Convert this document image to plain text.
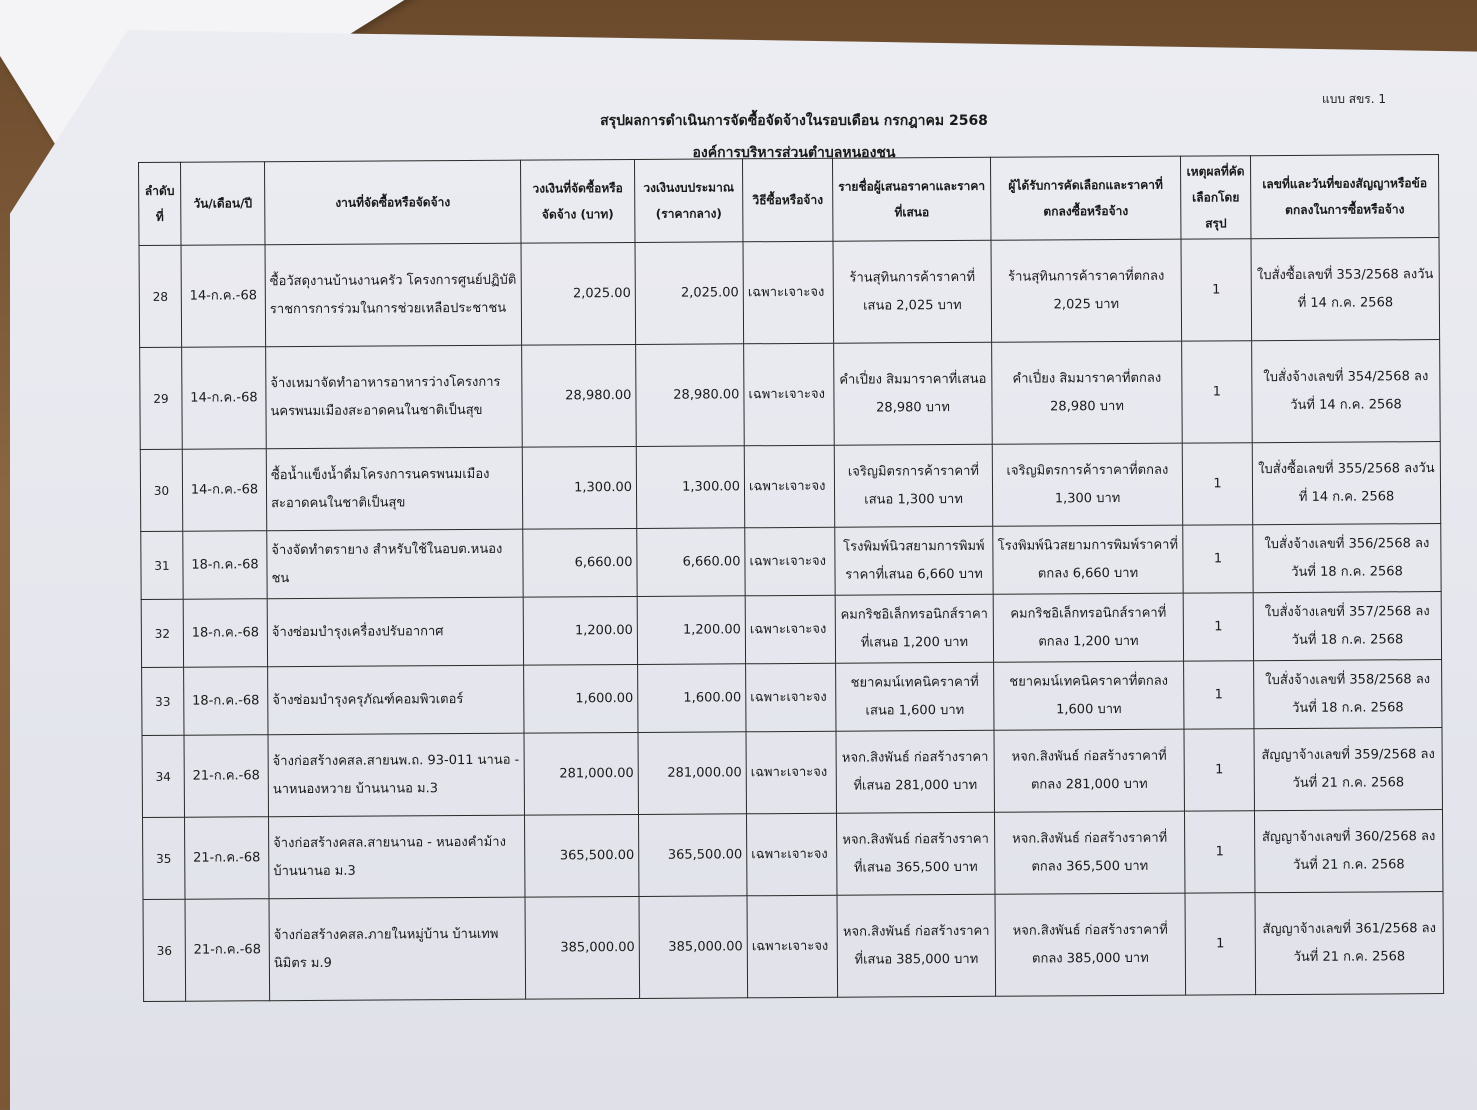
แบบ สขร. 1
สรุปผลการดำเนินการจัดซื้อจัดจ้างในรอบเดือน กรกฎาคม 2568
องค์การบริหารส่วนตำบลหนองชน
ลำดับที่	วัน/เดือน/ปี	งานที่จัดซื้อหรือจัดจ้าง	วงเงินที่จัดซื้อหรือจัดจ้าง (บาท)	วงเงินงบประมาณ (ราคากลาง)	วิธีซื้อหรือจ้าง	รายชื่อผู้เสนอราคาและราคาที่เสนอ	ผู้ได้รับการคัดเลือกและราคาที่ตกลงซื้อหรือจ้าง	เหตุผลที่คัดเลือกโดยสรุป	เลขที่และวันที่ของสัญญาหรือข้อตกลงในการซื้อหรือจ้าง
28	14-ก.ค.-68	ซื้อวัสดุงานบ้านงานครัว โครงการศูนย์ปฏิบัติราชการการร่วมในการช่วยเหลือประชาชน	2,025.00	2,025.00	เฉพาะเจาะจง	ร้านสุทินการค้าราคาที่เสนอ 2,025 บาท	ร้านสุทินการค้าราคาที่ตกลง 2,025 บาท	1	ใบสั่งซื้อเลขที่ 353/2568 ลงวันที่ 14 ก.ค. 2568
29	14-ก.ค.-68	จ้างเหมาจัดทำอาหารอาหารว่างโครงการนครพนมเมืองสะอาดคนในชาติเป็นสุข	28,980.00	28,980.00	เฉพาะเจาะจง	คำเปี่ยง สิมมาราคาที่เสนอ 28,980 บาท	คำเปี่ยง สิมมาราคาที่ตกลง 28,980 บาท	1	ใบสั่งจ้างเลขที่ 354/2568 ลงวันที่ 14 ก.ค. 2568
30	14-ก.ค.-68	ซื้อน้ำแข็งน้ำดื่มโครงการนครพนมเมืองสะอาดคนในชาติเป็นสุข	1,300.00	1,300.00	เฉพาะเจาะจง	เจริญมิตรการค้าราคาที่เสนอ 1,300 บาท	เจริญมิตรการค้าราคาที่ตกลง 1,300 บาท	1	ใบสั่งซื้อเลขที่ 355/2568 ลงวันที่ 14 ก.ค. 2568
31	18-ก.ค.-68	จ้างจัดทำตรายาง สำหรับใช้ในอบต.หนองชน	6,660.00	6,660.00	เฉพาะเจาะจง	โรงพิมพ์นิวสยามการพิมพ์ราคาที่เสนอ 6,660 บาท	โรงพิมพ์นิวสยามการพิมพ์ราคาที่ตกลง 6,660 บาท	1	ใบสั่งจ้างเลขที่ 356/2568 ลงวันที่ 18 ก.ค. 2568
32	18-ก.ค.-68	จ้างซ่อมบำรุงเครื่องปรับอากาศ	1,200.00	1,200.00	เฉพาะเจาะจง	คมกริชอิเล็กทรอนิกส์ราคาที่เสนอ 1,200 บาท	คมกริชอิเล็กทรอนิกส์ราคาที่ตกลง 1,200 บาท	1	ใบสั่งจ้างเลขที่ 357/2568 ลงวันที่ 18 ก.ค. 2568
33	18-ก.ค.-68	จ้างซ่อมบำรุงครุภัณฑ์คอมพิวเตอร์	1,600.00	1,600.00	เฉพาะเจาะจง	ชยาคมน์เทคนิคราคาที่เสนอ 1,600 บาท	ชยาคมน์เทคนิคราคาที่ตกลง 1,600 บาท	1	ใบสั่งจ้างเลขที่ 358/2568 ลงวันที่ 18 ก.ค. 2568
34	21-ก.ค.-68	จ้างก่อสร้างคสล.สายนพ.ถ. 93-011 นานอ - นาหนองหวาย บ้านนานอ ม.3	281,000.00	281,000.00	เฉพาะเจาะจง	หจก.สิงพันธ์ ก่อสร้างราคาที่เสนอ 281,000 บาท	หจก.สิงพันธ์ ก่อสร้างราคาที่ตกลง 281,000 บาท	1	สัญญาจ้างเลขที่ 359/2568 ลงวันที่ 21 ก.ค. 2568
35	21-ก.ค.-68	จ้างก่อสร้างคสล.สายนานอ - หนองคำม้าง บ้านนานอ ม.3	365,500.00	365,500.00	เฉพาะเจาะจง	หจก.สิงพันธ์ ก่อสร้างราคาที่เสนอ 365,500 บาท	หจก.สิงพันธ์ ก่อสร้างราคาที่ตกลง 365,500 บาท	1	สัญญาจ้างเลขที่ 360/2568 ลงวันที่ 21 ก.ค. 2568
36	21-ก.ค.-68	จ้างก่อสร้างคสล.ภายในหมู่บ้าน บ้านเทพนิมิตร ม.9	385,000.00	385,000.00	เฉพาะเจาะจง	หจก.สิงพันธ์ ก่อสร้างราคาที่เสนอ 385,000 บาท	หจก.สิงพันธ์ ก่อสร้างราคาที่ตกลง 385,000 บาท	1	สัญญาจ้างเลขที่ 361/2568 ลงวันที่ 21 ก.ค. 2568
